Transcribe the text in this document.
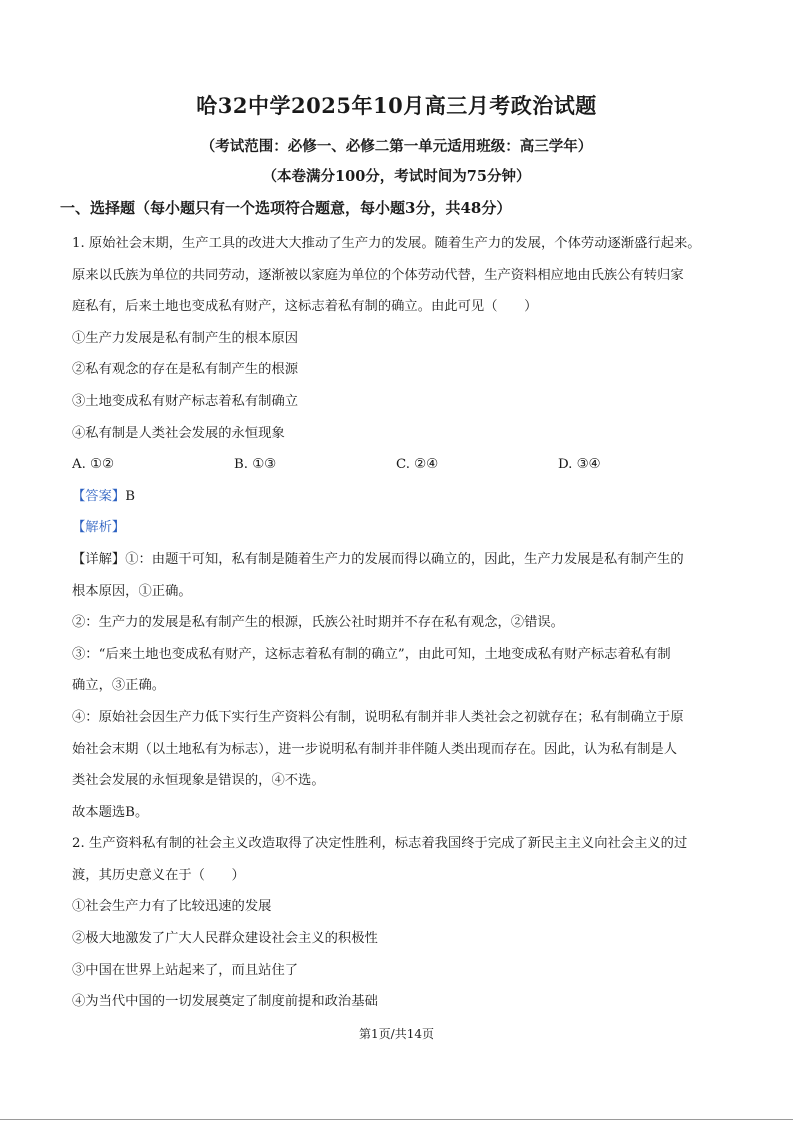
哈32中学2025年10月高三月考政治试题
（考试范围：必修一、必修二第一单元适用班级：高三学年）
（本卷满分100分，考试时间为75分钟）
一、选择题（每小题只有一个选项符合题意，每小题3分，共48分）

1. 原始社会末期，生产工具的改进大大推动了生产力的发展。随着生产力的发展，个体劳动逐渐盛行起来。

原来以氏族为单位的共同劳动，逐渐被以家庭为单位的个体劳动代替，生产资料相应地由氏族公有转归家

庭私有，后来土地也变成私有财产，这标志着私有制的确立。由此可见（　　）

①生产力发展是私有制产生的根本原因

②私有观念的存在是私有制产生的根源

③土地变成私有财产标志着私有制确立

④私有制是人类社会发展的永恒现象

A. ①②	B. ①③	C. ②④	D. ③④

【答案】B

【解析】

【详解】①：由题干可知，私有制是随着生产力的发展而得以确立的，因此，生产力发展是私有制产生的

根本原因，①正确。

②：生产力的发展是私有制产生的根源，氏族公社时期并不存在私有观念，②错误。

③：“后来土地也变成私有财产，这标志着私有制的确立”，由此可知，土地变成私有财产标志着私有制

确立，③正确。

④：原始社会因生产力低下实行生产资料公有制，说明私有制并非人类社会之初就存在；私有制确立于原

始社会末期（以土地私有为标志），进一步说明私有制并非伴随人类出现而存在。因此，认为私有制是人

类社会发展的永恒现象是错误的，④不选。

故本题选B。

2. 生产资料私有制的社会主义改造取得了决定性胜利，标志着我国终于完成了新民主主义向社会主义的过

渡，其历史意义在于（　　）

①社会生产力有了比较迅速的发展

②极大地激发了广大人民群众建设社会主义的积极性

③中国在世界上站起来了，而且站住了

④为当代中国的一切发展奠定了制度前提和政治基础

第1页/共14页
